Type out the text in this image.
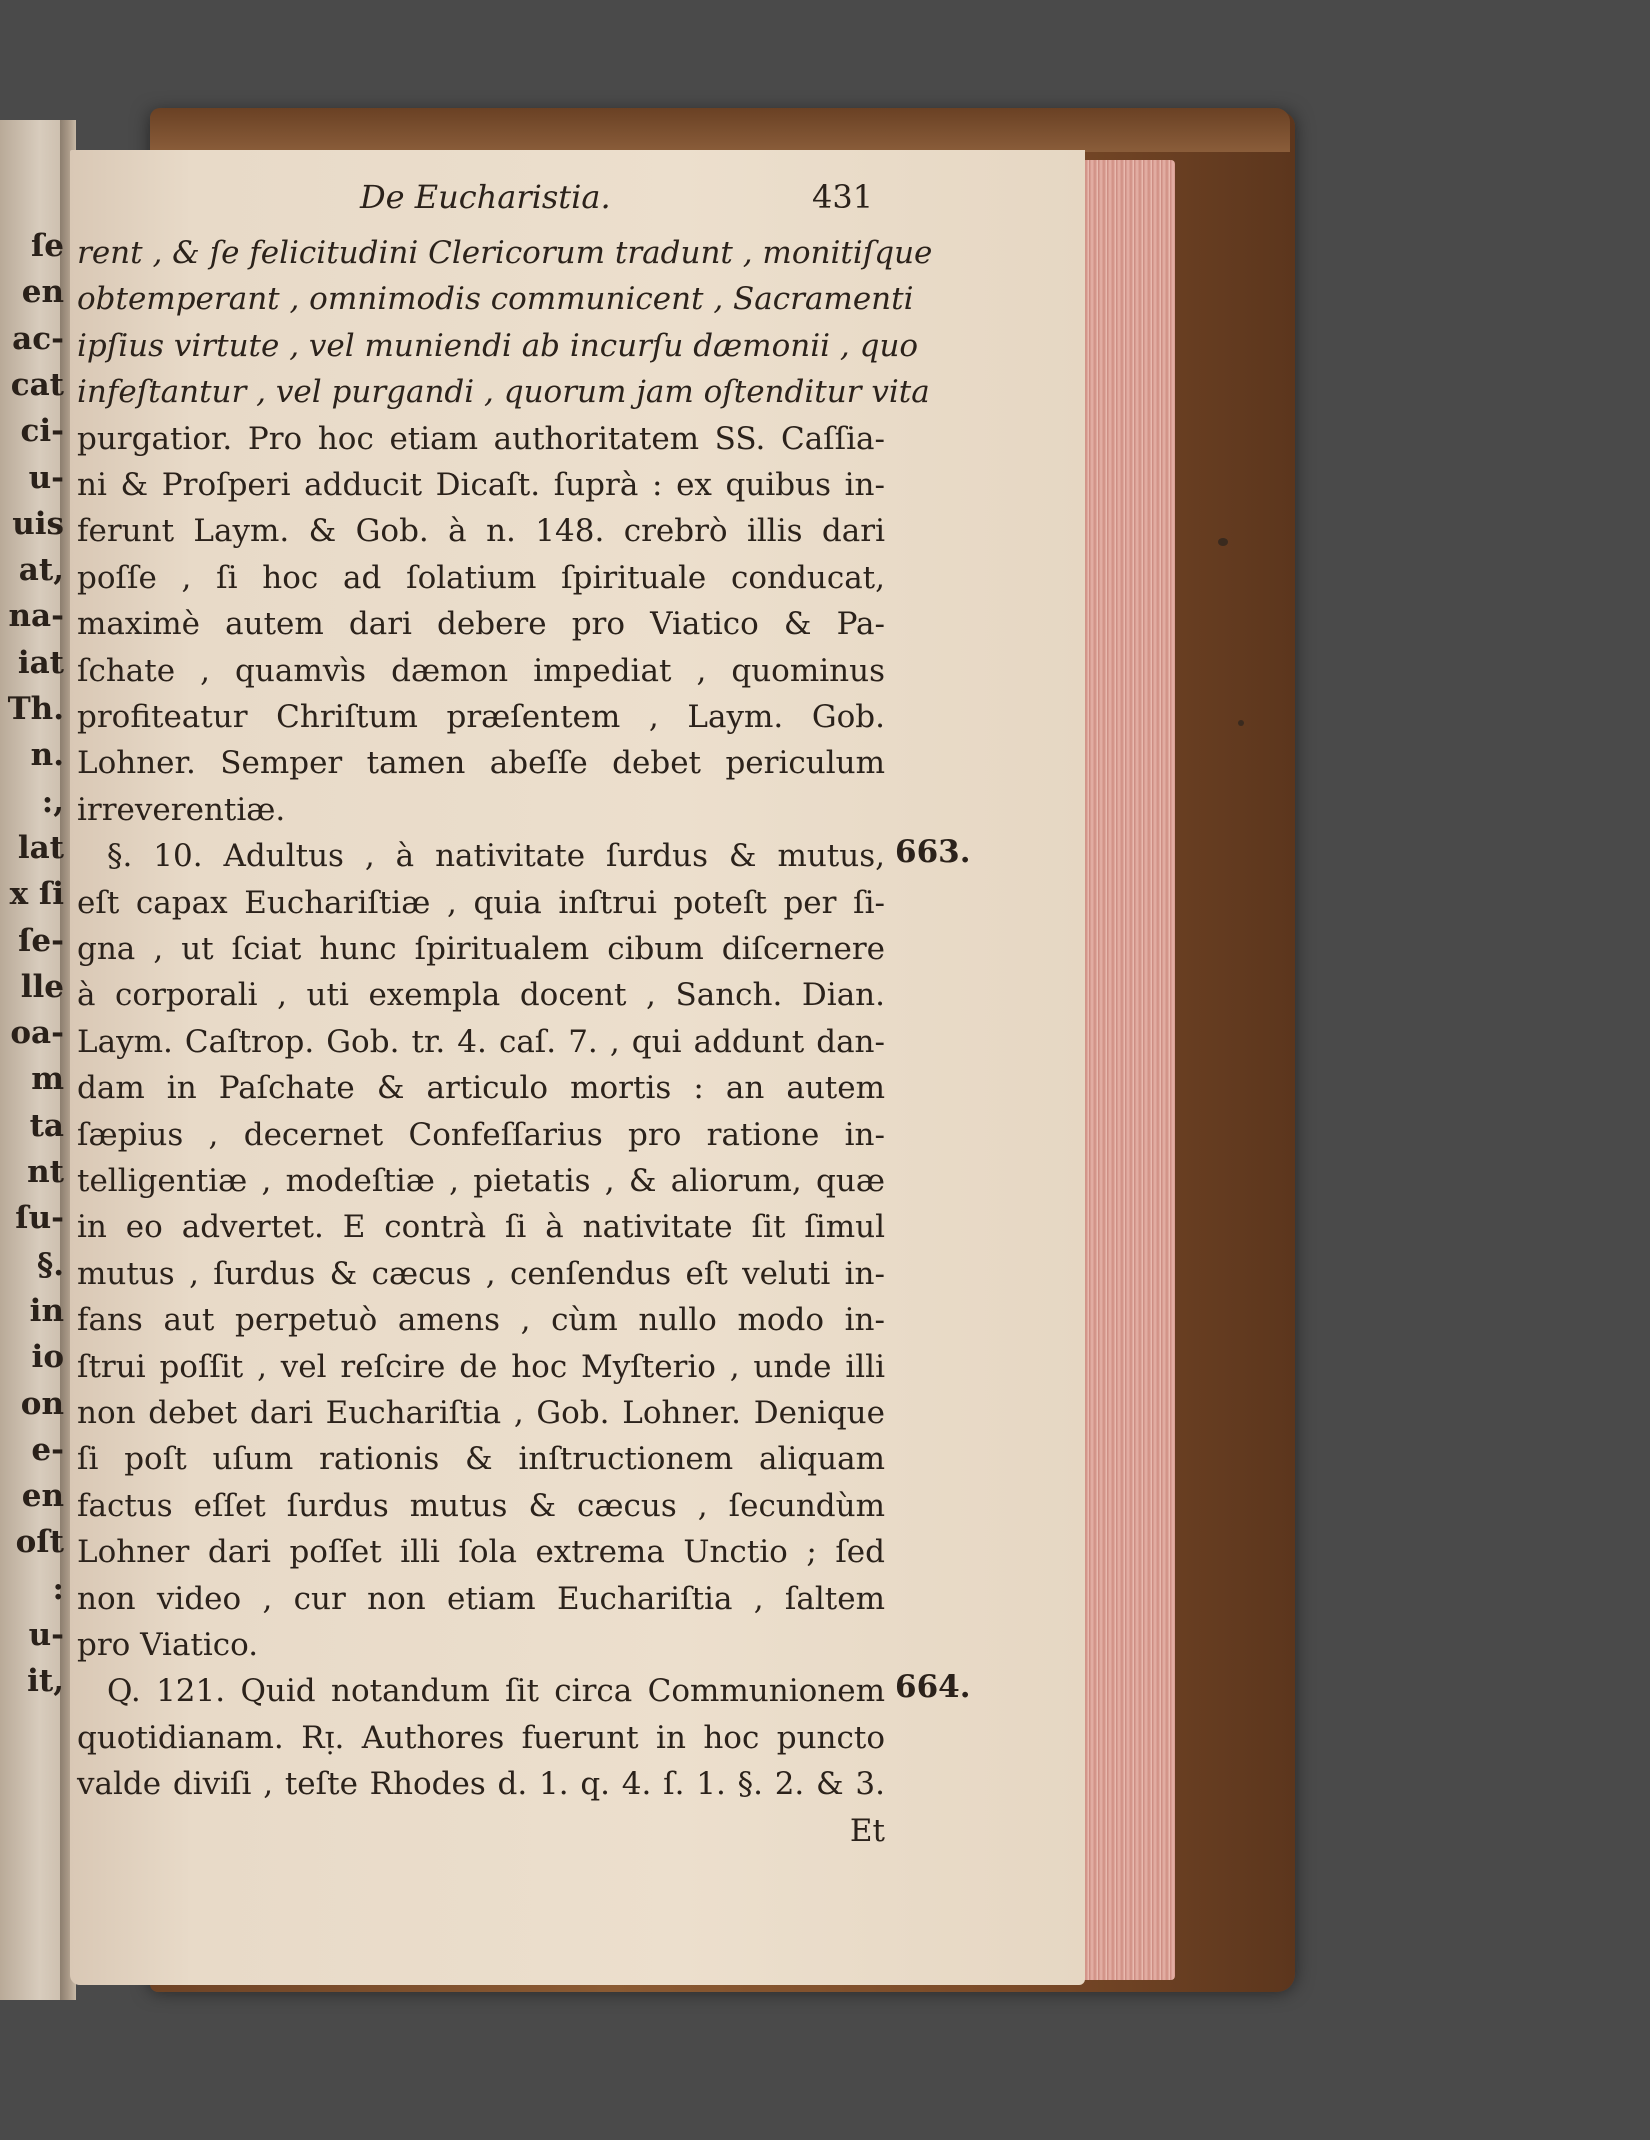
ſe
en
ac-
cat
ci-
u-
uis
at,
na-
iat
Th.
n.
:,
lat
x ſi
ſe-
lle
oa-
m
ta
nt
ſu-
§.
in
io
on
e-
en
oſt
:
u-
it,
De Eucharistia.	431
rent , & ſe felicitudini Clericorum tradunt , monitiſque
obtemperant , omnimodis communicent , Sacramenti
ipſius virtute , vel muniendi ab incurſu dæmonii , quo
infeſtantur , vel purgandi , quorum jam oſtenditur vita
purgatior. Pro hoc etiam authoritatem SS. Caſſia-
ni & Proſperi adducit Dicaſt. ſuprà : ex quibus in-
ferunt Laym. & Gob. à n. 148. crebrò illis dari
poſſe , ſi hoc ad ſolatium ſpirituale conducat,
maximè autem dari debere pro Viatico & Pa-
ſchate , quamvìs dæmon impediat , quominus
profiteatur Chriſtum præſentem , Laym. Gob.
Lohner. Semper tamen abeſſe debet periculum
irreverentiæ.
§. 10. Adultus , à nativitate ſurdus & mutus,
eſt capax Euchariſtiæ , quia inſtrui poteſt per ſi-
gna , ut ſciat hunc ſpiritualem cibum diſcernere
à corporali , uti exempla docent , Sanch. Dian.
Laym. Caſtrop. Gob. tr. 4. caſ. 7. , qui addunt dan-
dam in Paſchate & articulo mortis : an autem
ſæpius , decernet Confeſſarius pro ratione in-
telligentiæ , modeſtiæ , pietatis , & aliorum, quæ
in eo advertet. E contrà ſi à nativitate ſit ſimul
mutus , ſurdus & cæcus , cenſendus eſt veluti in-
fans aut perpetuò amens , cùm nullo modo in-
ſtrui poſſit , vel reſcire de hoc Myſterio , unde illi
non debet dari Euchariſtia , Gob. Lohner. Denique
ſi poſt uſum rationis & inſtructionem aliquam
factus eſſet ſurdus mutus & cæcus , ſecundùm
Lohner dari poſſet illi ſola extrema Unctio ; ſed
non video , cur non etiam Euchariſtia , ſaltem
pro Viatico.
Q. 121. Quid notandum ſit circa Communionem
quotidianam. Rᴉ. Authores fuerunt in hoc puncto
valde diviſi , teſte Rhodes d. 1. q. 4. ſ. 1. §. 2. & 3.
Et
663.
664.
